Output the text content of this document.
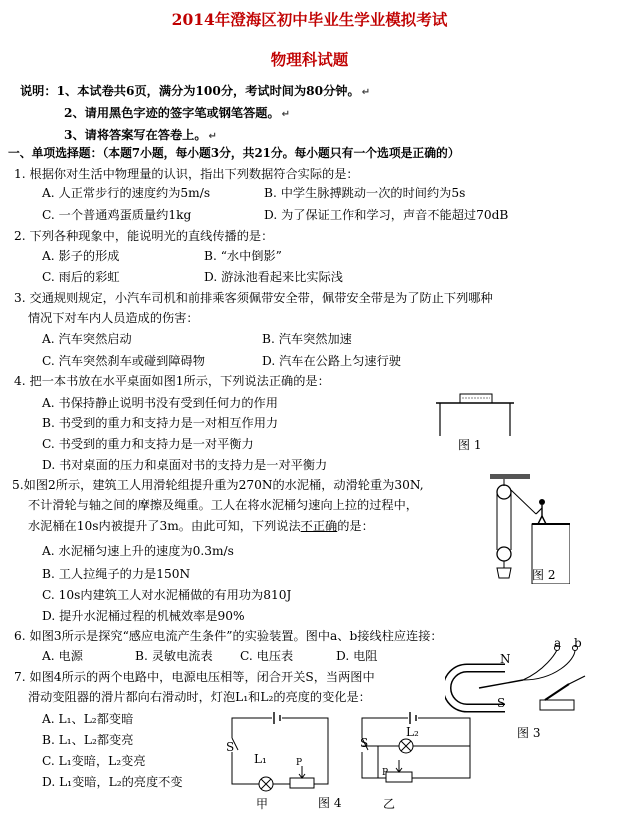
2014年澄海区初中毕业生学业模拟考试
物理科试题
说明：1、本试卷共6页，满分为100分，考试时间为80分钟。 ↵
2、请用黑色字迹的签字笔或钢笔答题。 ↵
3、请将答案写在答卷上。 ↵
一、单项选择题：（本题7小题，每小题3分，共21分。每小题只有一个选项是正确的）
1. 根据你对生活中物理量的认识，指出下列数据符合实际的是：
A. 人正常步行的速度约为5m/s	B. 中学生脉搏跳动一次的时间约为5s
C. 一个普通鸡蛋质量约1kg	D. 为了保证工作和学习，声音不能超过70dB
2. 下列各种现象中，能说明光的直线传播的是：
A. 影子的形成	B. “水中倒影”
C. 雨后的彩虹	D. 游泳池看起来比实际浅
3. 交通规则规定，小汽车司机和前排乘客须佩带安全带，佩带安全带是为了防止下列哪种
情况下对车内人员造成的伤害：
A. 汽车突然启动	B. 汽车突然加速
C. 汽车突然刹车或碰到障碍物	D. 汽车在公路上匀速行驶
4. 把一本书放在水平桌面如图1所示，下列说法正确的是：
A. 书保持静止说明书没有受到任何力的作用
B. 书受到的重力和支持力是一对相互作用力
C. 书受到的重力和支持力是一对平衡力
D. 书对桌面的压力和桌面对书的支持力是一对平衡力
图 1
5.如图2所示，建筑工人用滑轮组提升重为270N的水泥桶，动滑轮重为30N,
不计滑轮与轴之间的摩擦及绳重。工人在将水泥桶匀速向上拉的过程中，
水泥桶在10s内被提升了3m。由此可知，下列说法不正确的是：
A. 水泥桶匀速上升的速度为0.3m/s
B. 工人拉绳子的力是150N
C. 10s内建筑工人对水泥桶做的有用功为810J
D. 提升水泥桶过程的机械效率是90%
图 2
6. 如图3所示是探究“感应电流产生条件”的实验装置。图中a、b接线柱应连接：
A. 电源	B. 灵敏电流表 C. 电压表	D. 电阻	N
S
a b
图 3
7. 如图4所示的两个电路中，电源电压相等，闭合开关S，当两图中
滑动变阻器的滑片都向右滑动时，灯泡L₁和L₂的亮度的变化是：
A. L₁、L₂都变暗
B. L₁、L₂都变亮
C. L₁变暗，L₂变亮
D. L₁变暗，L₂的亮度不变
S
L₁	P
甲
S
L₂
P
乙
图 4
